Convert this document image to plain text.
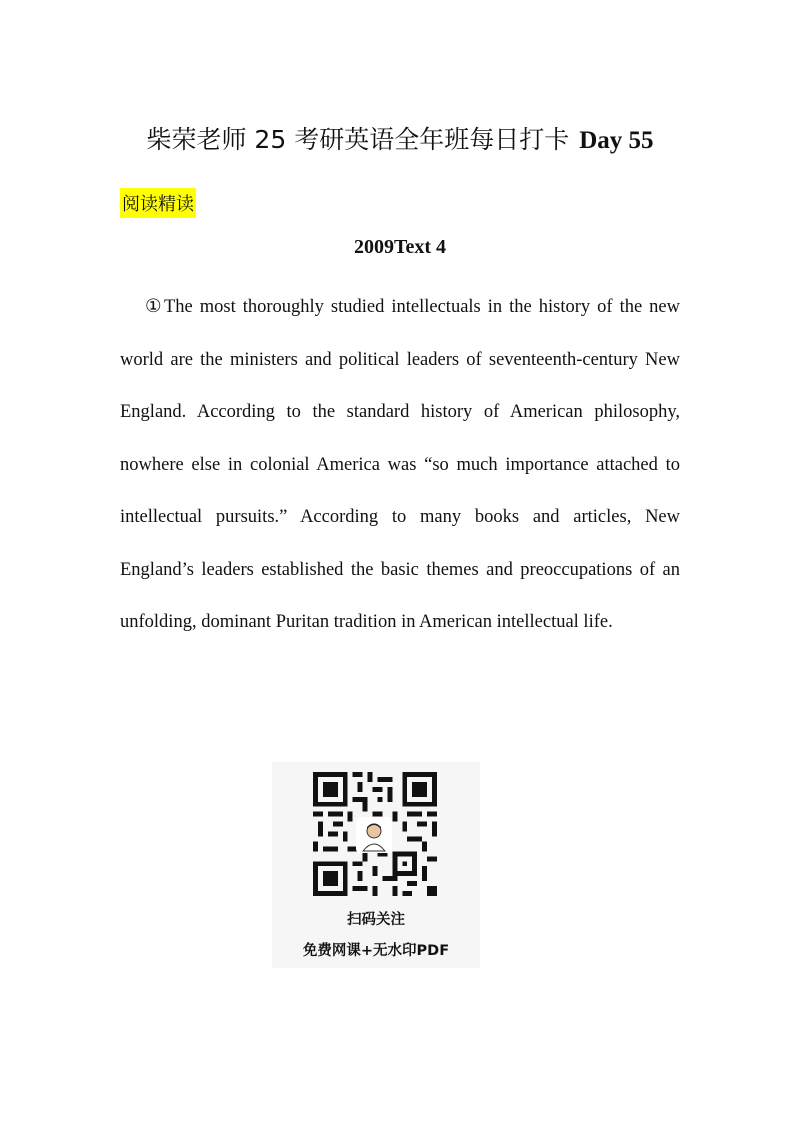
柴荣老师 25 考研英语全年班每日打卡 Day 55
阅读精读
2009Text 4

①The most thoroughly studied intellectuals in the history of the new world are the ministers and political leaders of seventeenth-century New England. According to the standard history of American philosophy, nowhere else in colonial America was “so much importance attached to intellectual pursuits.” According to many books and articles, New England’s leaders established the basic themes and preoccupations of an unfolding, dominant Puritan tradition in American intellectual life.

扫码关注
免费网课+无水印PDF
